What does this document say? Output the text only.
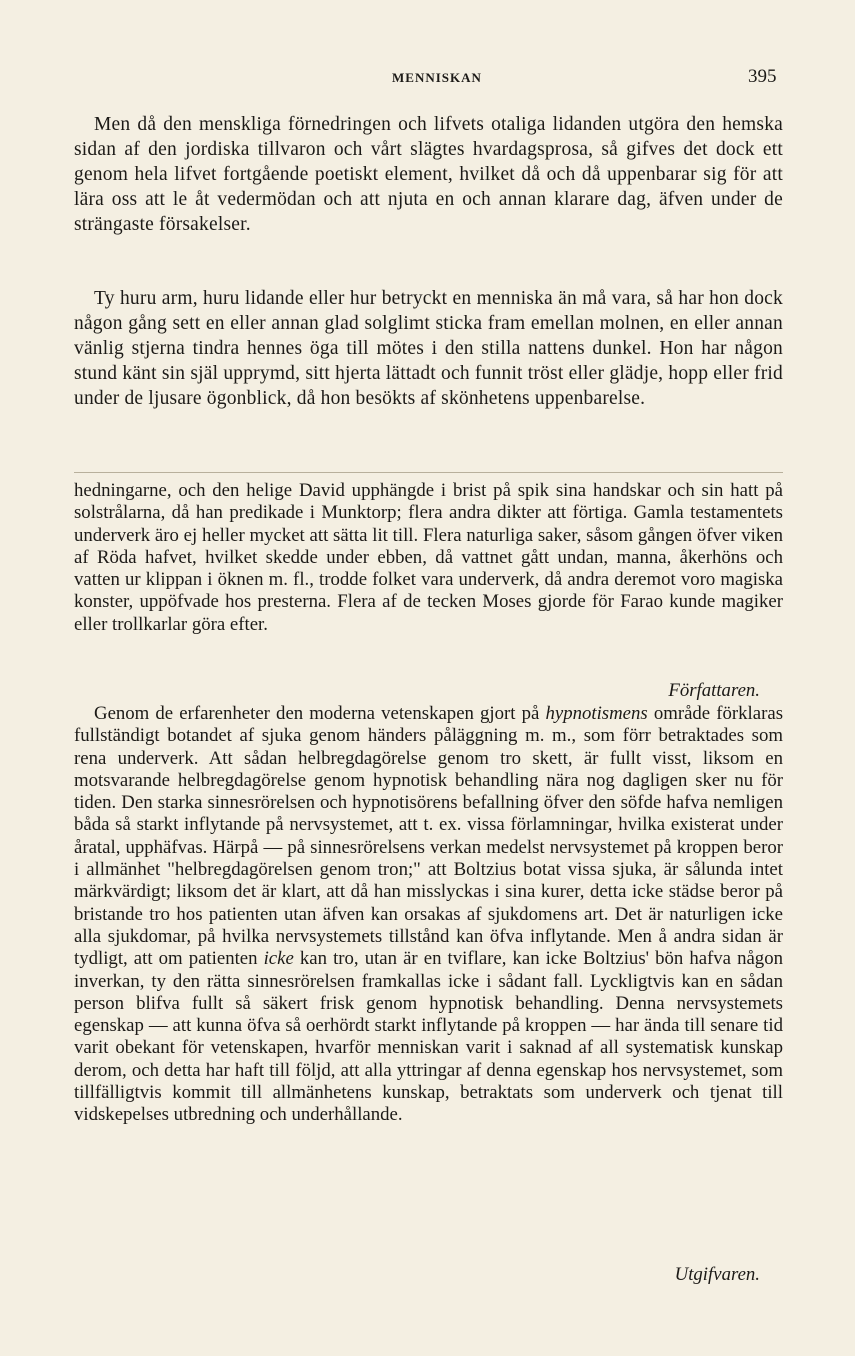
MENNISKAN	395

Men då den menskliga förnedringen och lifvets otaliga lidanden utgöra den hemska sidan af den jordiska tillvaron och vårt slägtes hvardagsprosa, så gifves det dock ett genom hela lifvet fortgående poetiskt element, hvilket då och då uppenbarar sig för att lära oss att le åt vedermödan och att njuta en och annan klarare dag, äfven under de strängaste försakelser.

Ty huru arm, huru lidande eller hur betryckt en menniska än må vara, så har hon dock någon gång sett en eller annan glad solglimt sticka fram emellan molnen, en eller annan vänlig stjerna tindra hennes öga till mötes i den stilla nattens dunkel. Hon har någon stund känt sin själ upprymd, sitt hjerta lättadt och funnit tröst eller glädje, hopp eller frid under de ljusare ögonblick, då hon besökts af skönhetens uppenbarelse.

hedningarne, och den helige David upphängde i brist på spik sina handskar och sin hatt på solstrålarna, då han predikade i Munktorp; flera andra dikter att förtiga. Gamla testamentets underverk äro ej heller mycket att sätta lit till. Flera naturliga saker, såsom gången öfver viken af Röda hafvet, hvilket skedde under ebben, då vattnet gått undan, manna, åkerhöns och vatten ur klippan i öknen m. fl., trodde folket vara underverk, då andra deremot voro magiska konster, uppöfvade hos presterna. Flera af de tecken Moses gjorde för Farao kunde magiker eller trollkarlar göra efter.

Författaren.

Genom de erfarenheter den moderna vetenskapen gjort på hypnotismens område förklaras fullständigt botandet af sjuka genom händers påläggning m. m., som förr betraktades som rena underverk. Att sådan helbregdagörelse genom tro skett, är fullt visst, liksom en motsvarande helbregdagörelse genom hypnotisk behandling nära nog dagligen sker nu för tiden. Den starka sinnesrörelsen och hypnotisörens befallning öfver den söfde hafva nemligen båda så starkt inflytande på nervsystemet, att t. ex. vissa förlamningar, hvilka existerat under åratal, upphäfvas. Härpå — på sinnesrörelsens verkan medelst nervsystemet på kroppen beror i allmänhet "helbregdagörelsen genom tron;" att Boltzius botat vissa sjuka, är sålunda intet märkvärdigt; liksom det är klart, att då han misslyckas i sina kurer, detta icke städse beror på bristande tro hos patienten utan äfven kan orsakas af sjukdomens art. Det är naturligen icke alla sjukdomar, på hvilka nervsystemets tillstånd kan öfva inflytande. Men å andra sidan är tydligt, att om patienten icke kan tro, utan är en tviflare, kan icke Boltzius' bön hafva någon inverkan, ty den rätta sinnesrörelsen framkallas icke i sådant fall. Lyckligtvis kan en sådan person blifva fullt så säkert frisk genom hypnotisk behandling. Denna nervsystemets egenskap — att kunna öfva så oerhördt starkt inflytande på kroppen — har ända till senare tid varit obekant för vetenskapen, hvarför menniskan varit i saknad af all systematisk kunskap derom, och detta har haft till följd, att alla yttringar af denna egenskap hos nervsystemet, som tillfälligtvis kommit till allmänhetens kunskap, betraktats som underverk och tjenat till vidskepelses utbredning och underhållande.

Utgifvaren.
